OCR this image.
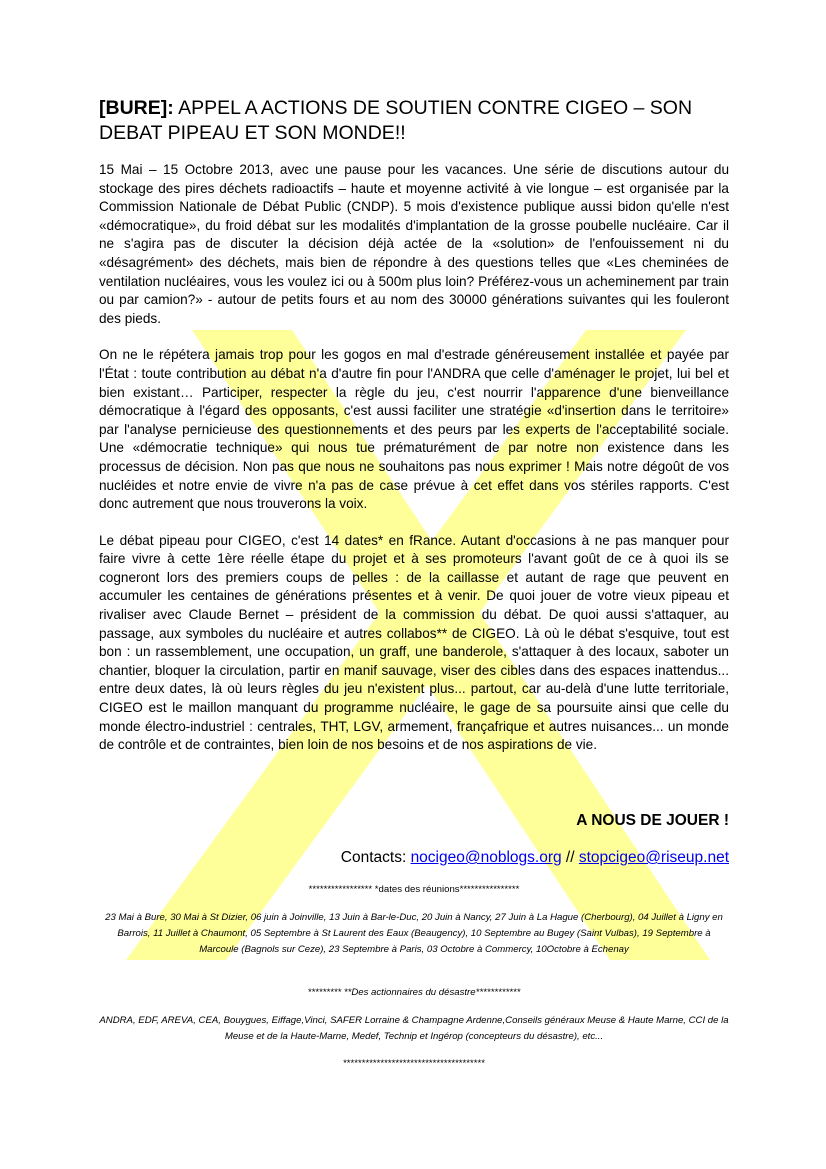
[BURE]: APPEL A ACTIONS DE SOUTIEN CONTRE CIGEO – SON DEBAT PIPEAU ET SON MONDE!!

15 Mai – 15 Octobre 2013, avec une pause pour les vacances. Une série de discutions autour du stockage des pires déchets radioactifs – haute et moyenne activité à vie longue – est organisée par la Commission Nationale de Débat Public (CNDP). 5 mois d'existence publique aussi bidon qu'elle n'est «démocratique», du froid débat sur les modalités d'implantation de la grosse poubelle nucléaire. Car il ne s'agira pas de discuter la décision déjà actée de la «solution» de l'enfouissement ni du «désagrément» des déchets, mais bien de répondre à des questions telles que «Les cheminées de ventilation nucléaires, vous les voulez ici ou à 500m plus loin? Préférez-vous un acheminement par train ou par camion?» - autour de petits fours et au nom des 30000 générations suivantes qui les fouleront des pieds.

On ne le répétera jamais trop pour les gogos en mal d'estrade généreusement installée et payée par l'État : toute contribution au débat n'a d'autre fin pour l'ANDRA que celle d'aménager le projet, lui bel et bien existant… Participer, respecter la règle du jeu, c'est nourrir l'apparence d'une bienveillance démocratique à l'égard des opposants, c'est aussi faciliter une stratégie «d'insertion dans le territoire» par l'analyse pernicieuse des questionnements et des peurs par les experts de l'acceptabilité sociale. Une «démocratie technique» qui nous tue prématurément de par notre non existence dans les processus de décision. Non pas que nous ne souhaitons pas nous exprimer ! Mais notre dégoût de vos nucléides et notre envie de vivre n'a pas de case prévue à cet effet dans vos stériles rapports. C'est donc autrement que nous trouverons la voix.

Le débat pipeau pour CIGEO, c'est 14 dates* en fRance. Autant d'occasions à ne pas manquer pour faire vivre à cette 1ère réelle étape du projet et à ses promoteurs l'avant goût de ce à quoi ils se cogneront lors des premiers coups de pelles : de la caillasse et autant de rage que peuvent en accumuler les centaines de générations présentes et à venir. De quoi jouer de votre vieux pipeau et rivaliser avec Claude Bernet – président de la commission du débat. De quoi aussi s'attaquer, au passage, aux symboles du nucléaire et autres collabos** de CIGEO. Là où le débat s'esquive, tout est bon : un rassemblement, une occupation, un graff, une banderole, s'attaquer à des locaux, saboter un chantier, bloquer la circulation, partir en manif sauvage, viser des cibles dans des espaces inattendus... entre deux dates, là où leurs règles du jeu n'existent plus... partout, car au-delà d'une lutte territoriale, CIGEO est le maillon manquant du programme nucléaire, le gage de sa poursuite ainsi que celle du monde électro-industriel : centrales, THT, LGV, armement, françafrique et autres nuisances... un monde de contrôle et de contraintes, bien loin de nos besoins et de nos aspirations de vie.

A NOUS DE JOUER !
Contacts: nocigeo@noblogs.org // stopcigeo@riseup.net
***************** *dates des réunions****************
23 Mai à Bure, 30 Mai à St Dizier, 06 juin à Joinville, 13 Juin à Bar-le-Duc, 20 Juin à Nancy, 27 Juin à La Hague (Cherbourg), 04 Juillet à Ligny en Barrois, 11 Juillet à Chaumont, 05 Septembre à St Laurent des Eaux (Beaugency), 10 Septembre au Bugey (Saint Vulbas), 19 Septembre à Marcoule (Bagnols sur Ceze), 23 Septembre à Paris, 03 Octobre à Commercy, 10Octobre à Echenay
********* **Des actionnaires du désastre************
ANDRA, EDF, AREVA, CEA, Bouygues, Eiffage,Vinci, SAFER Lorraine & Champagne Ardenne,Conseils généraux Meuse & Haute Marne, CCI de la Meuse et de la Haute-Marne, Medef, Technip et Ingérop (concepteurs du désastre), etc...
**************************************
